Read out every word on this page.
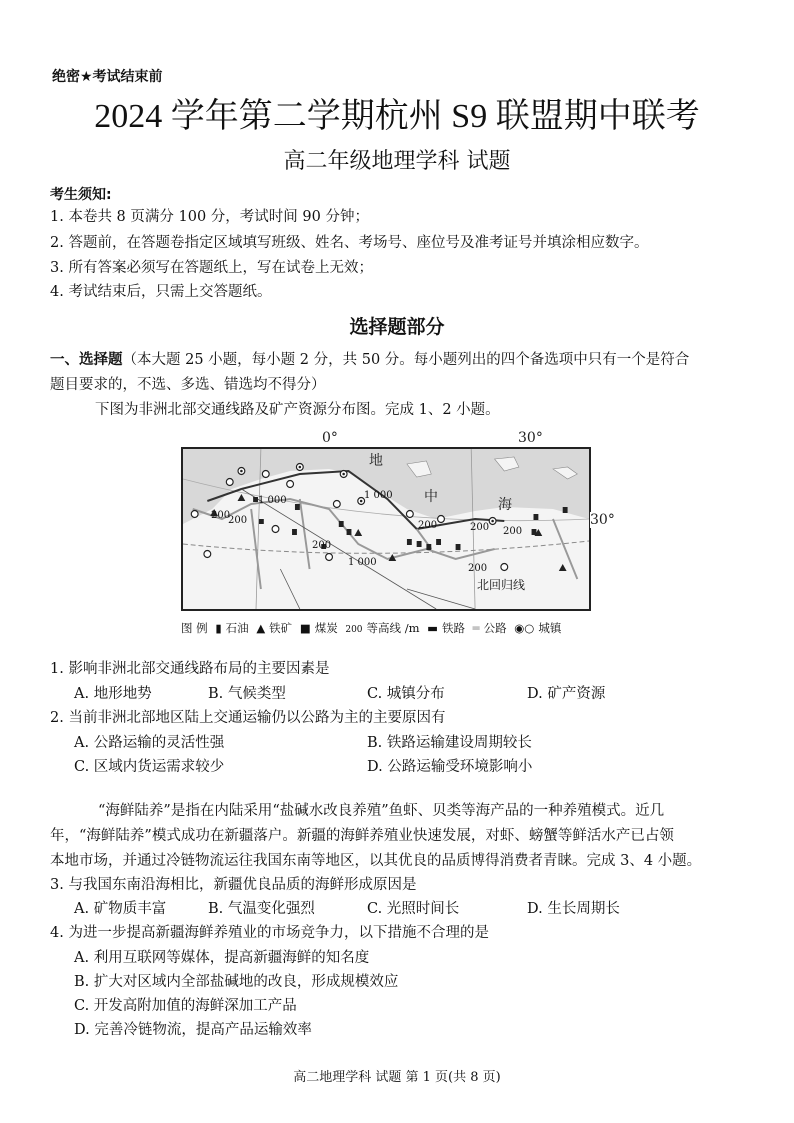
绝密★考试结束前
2024 学年第二学期杭州 S9 联盟期中联考
高二年级地理学科 试题
考生须知:
1. 本卷共 8 页满分 100 分，考试时间 90 分钟；
2. 答题前，在答题卷指定区域填写班级、姓名、考场号、座位号及准考证号并填涂相应数字。
3. 所有答案必须写在答题纸上，写在试卷上无效；
4. 考试结束后，只需上交答题纸。
选择题部分
一、选择题（本大题 25 小题，每小题 2 分，共 50 分。每小题列出的四个备选项中只有一个是符合
题目要求的，不选、多选、错选均不得分）
下图为非洲北部交通线路及矿产资源分布图。完成 1、2 小题。
0°	30°
30°
地
中	海
1 000
200
1 000
200
200
1 000
200 200
200
200
北回归线
图 例 ▮ 石油 ▲ 铁矿 ■ 煤炭 200 等高线 /m ▬ 铁路 ═ 公路 ◉○ 城镇
1. 影响非洲北部交通线路布局的主要因素是
A. 地形地势	B. 气候类型	C. 城镇分布	D. 矿产资源
2. 当前非洲北部地区陆上交通运输仍以公路为主的主要原因有
A. 公路运输的灵活性强	B. 铁路运输建设周期较长
C. 区域内货运需求较少	D. 公路运输受环境影响小
“海鲜陆养”是指在内陆采用“盐碱水改良养殖”鱼虾、贝类等海产品的一种养殖模式。近几
年，“海鲜陆养”模式成功在新疆落户。新疆的海鲜养殖业快速发展，对虾、螃蟹等鲜活水产已占领
本地市场，并通过冷链物流运往我国东南等地区，以其优良的品质博得消费者青睐。完成 3、4 小题。
3. 与我国东南沿海相比，新疆优良品质的海鲜形成原因是
A. 矿物质丰富	B. 气温变化强烈	C. 光照时间长	D. 生长周期长
4. 为进一步提高新疆海鲜养殖业的市场竞争力，以下措施不合理的是
A. 利用互联网等媒体，提高新疆海鲜的知名度
B. 扩大对区域内全部盐碱地的改良，形成规模效应
C. 开发高附加值的海鲜深加工产品
D. 完善冷链物流，提高产品运输效率
高二地理学科 试题 第 1 页(共 8 页)
